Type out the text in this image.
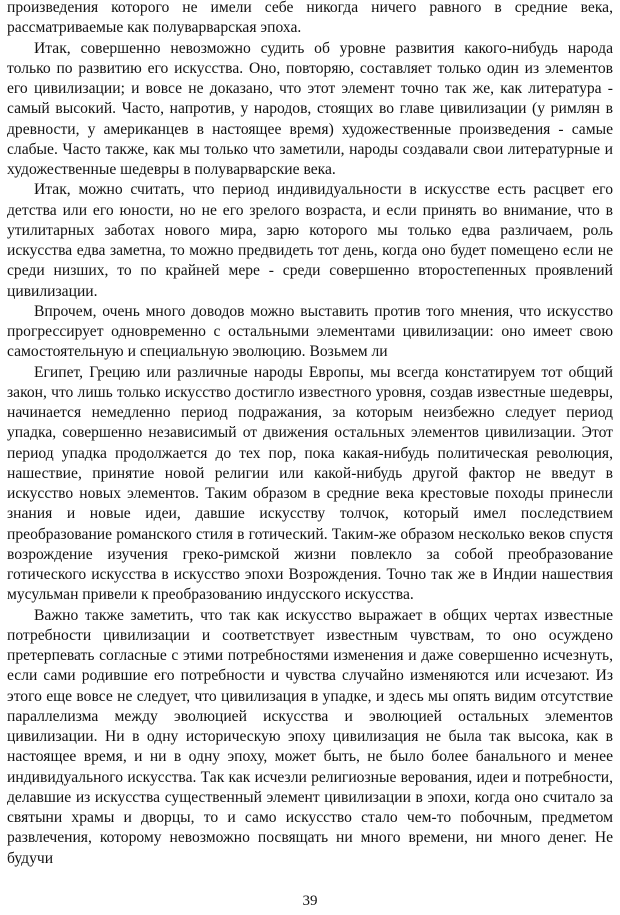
произведения которого не имели себе никогда ничего равного в средние века, рассматриваемые как полуварварская эпоха.

Итак, совершенно невозможно судить об уровне развития какого-нибудь народа только по развитию его искусства. Оно, повторяю, составляет только один из элементов его цивилизации; и вовсе не доказано, что этот элемент точно так же, как литература - самый высокий. Часто, напротив, у народов, стоящих во главе цивилизации (у римлян в древности, у американцев в настоящее время) художественные произведения - самые слабые. Часто также, как мы только что заметили, народы создавали свои литературные и художественные шедевры в полуварварские века.

Итак, можно считать, что период индивидуальности в искусстве есть расцвет его детства или его юности, но не его зрелого возраста, и если принять во внимание, что в утилитарных заботах нового мира, зарю которого мы только едва различаем, роль искусства едва заметна, то можно предвидеть тот день, когда оно будет помещено если не среди низших, то по крайней мере - среди совершенно второстепенных проявлений цивилизации.

Впрочем, очень много доводов можно выставить против того мнения, что искусство прогрессирует одновременно с остальными элементами цивилизации: оно имеет свою самостоятельную и специальную эволюцию. Возьмем ли

Египет, Грецию или различные народы Европы, мы всегда констатируем тот общий закон, что лишь только искусство достигло известного уровня, создав известные шедевры, начинается немедленно период подражания, за которым неизбежно следует период упадка, совершенно независимый от движения остальных элементов цивилизации. Этот период упадка продолжается до тех пор, пока какая-нибудь политическая революция, нашествие, принятие новой религии или какой-нибудь другой фактор не введут в искусство новых элементов. Таким образом в средние века крестовые походы принесли знания и новые идеи, давшие искусству толчок, который имел последствием преобразование романского стиля в готический. Таким-же образом несколько веков спустя возрождение изучения греко-римской жизни повлекло за собой преобразование готического искусства в искусство эпохи Возрождения. Точно так же в Индии нашествия мусульман привели к преобразованию индусского искусства.

Важно также заметить, что так как искусство выражает в общих чертах известные потребности цивилизации и соответствует известным чувствам, то оно осуждено претерпевать согласные с этими потребностями изменения и даже совершенно исчезнуть, если сами родившие его потребности и чувства случайно изменяются или исчезают. Из этого еще вовсе не следует, что цивилизация в упадке, и здесь мы опять видим отсутствие параллелизма между эволюцией искусства и эволюцией остальных элементов цивилизации. Ни в одну историческую эпоху цивилизация не была так высока, как в настоящее время, и ни в одну эпоху, может быть, не было более банального и менее индивидуального искусства. Так как исчезли религиозные верования, идеи и потребности, делавшие из искусства существенный элемент цивилизации в эпохи, когда оно считало за святыни храмы и дворцы, то и само искусство стало чем-то побочным, предметом развлечения, которому невозможно посвящать ни много времени, ни много денег. Не будучи

39
